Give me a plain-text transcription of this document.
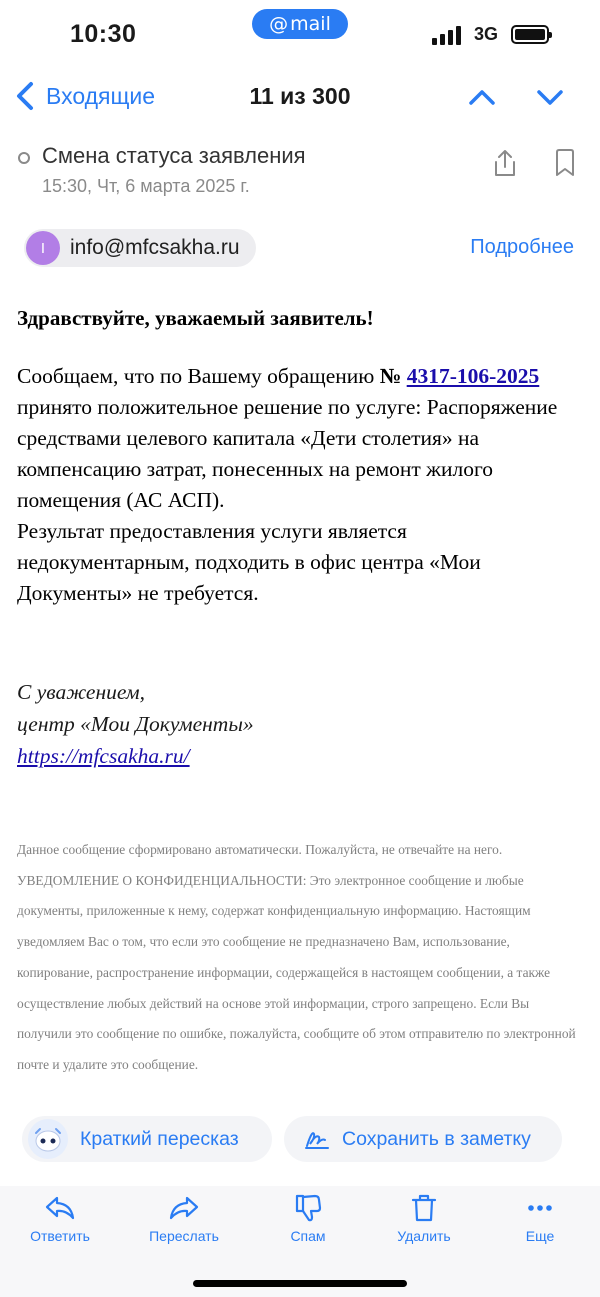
10:30	@ mail	3G
11 из 300
Входящие
Смена статуса заявления
15:30, Чт, 6 марта 2025 г.
I	info@mfcsakha.ru	Подробнее
Здравствуйте, уважаемый заявитель!
Сообщаем, что по Вашему обращению № 4317-106-2025 принято положительное решение по услуге: Распоряжение средствами целевого капитала «Дети столетия» на компенсацию затрат, понесенных на ремонт жилого помещения (АС АСП).
Результат предоставления услуги является недокументарным, подходить в офис центра «Мои Документы» не требуется.
С уважением,
центр «Мои Документы»
https://mfcsakha.ru/
Данное сообщение сформировано автоматически. Пожалуйста, не отвечайте на него. УВЕДОМЛЕНИЕ О КОНФИДЕНЦИАЛЬНОСТИ: Это электронное сообщение и любые документы, приложенные к нему, содержат конфиденциальную информацию. Настоящим уведомляем Вас о том, что если это сообщение не предназначено Вам, использование, копирование, распространение информации, содержащейся в настоящем сообщении, а также осуществление любых действий на основе этой информации, строго запрещено. Если Вы получили это сообщение по ошибке, пожалуйста, сообщите об этом отправителю по электронной почте и удалите это сообщение.
Краткий пересказ	Сохранить в заметку
Ответить	Переслать	Спам	Удалить	Еще
